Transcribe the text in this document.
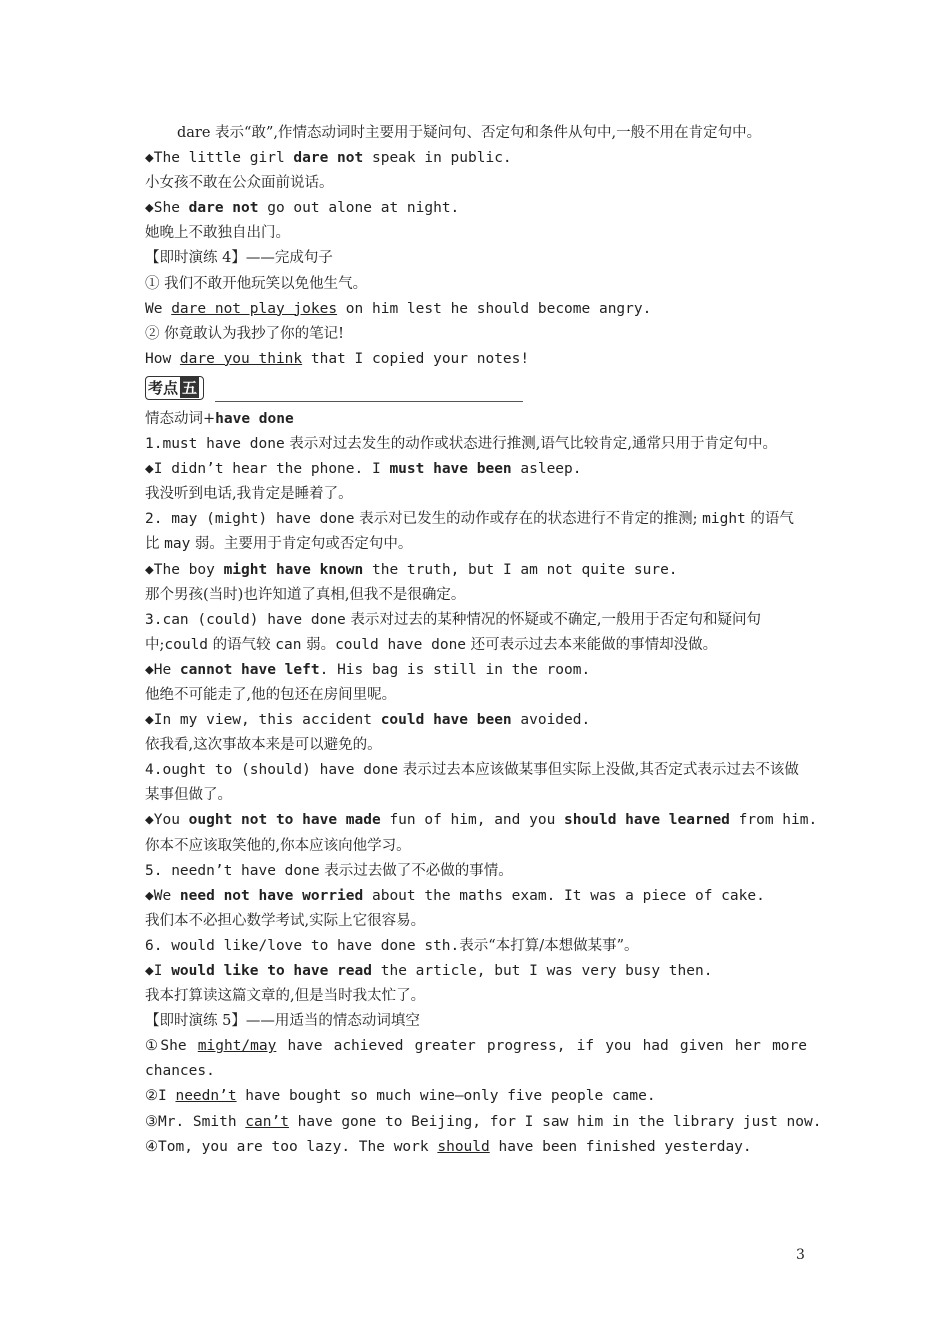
dare 表示“敢”,作情态动词时主要用于疑问句、否定句和条件从句中,一般不用在肯定句中。
◆The little girl dare not speak in public.
小女孩不敢在公众面前说话。
◆She dare not go out alone at night.
她晚上不敢独自出门。
【即时演练 4】——完成句子
① 我们不敢开他玩笑以免他生气。
We dare not play jokes on him lest he should become angry.
② 你竟敢认为我抄了你的笔记!
How dare you think that I copied your notes!
考点 五
情态动词+have done
1.must have done 表示对过去发生的动作或状态进行推测,语气比较肯定,通常只用于肯定句中。
◆I didn’t hear the phone. I must have been asleep.
我没听到电话,我肯定是睡着了。
2. may (might) have done 表示对已发生的动作或存在的状态进行不肯定的推测; might 的语气比 may 弱。主要用于肯定句或否定句中。
◆The boy might have known the truth, but I am not quite sure.
那个男孩(当时)也许知道了真相,但我不是很确定。
3.can (could) have done 表示对过去的某种情况的怀疑或不确定,一般用于否定句和疑问句中;could 的语气较 can 弱。could have done 还可表示过去本来能做的事情却没做。
◆He cannot have left. His bag is still in the room.
他绝不可能走了,他的包还在房间里呢。
◆In my view, this accident could have been avoided.
依我看,这次事故本来是可以避免的。
4.ought to (should) have done 表示过去本应该做某事但实际上没做,其否定式表示过去不该做某事但做了。
◆You ought not to have made fun of him, and you should have learned from him.
你本不应该取笑他的,你本应该向他学习。
5. needn’t have done 表示过去做了不必做的事情。
◆We need not have worried about the maths exam. It was a piece of cake.
我们本不必担心数学考试,实际上它很容易。
6. would like/love to have done sth.表示“本打算/本想做某事”。
◆I would like to have read the article, but I was very busy then.
我本打算读这篇文章的,但是当时我太忙了。
【即时演练 5】——用适当的情态动词填空
①She might/may have achieved greater progress, if you had given her more
chances.
②I needn’t have bought so much wine—only five people came.
③Mr. Smith can’t have gone to Beijing, for I saw him in the library just now.
④Tom, you are too lazy. The work should have been finished yesterday.
3
